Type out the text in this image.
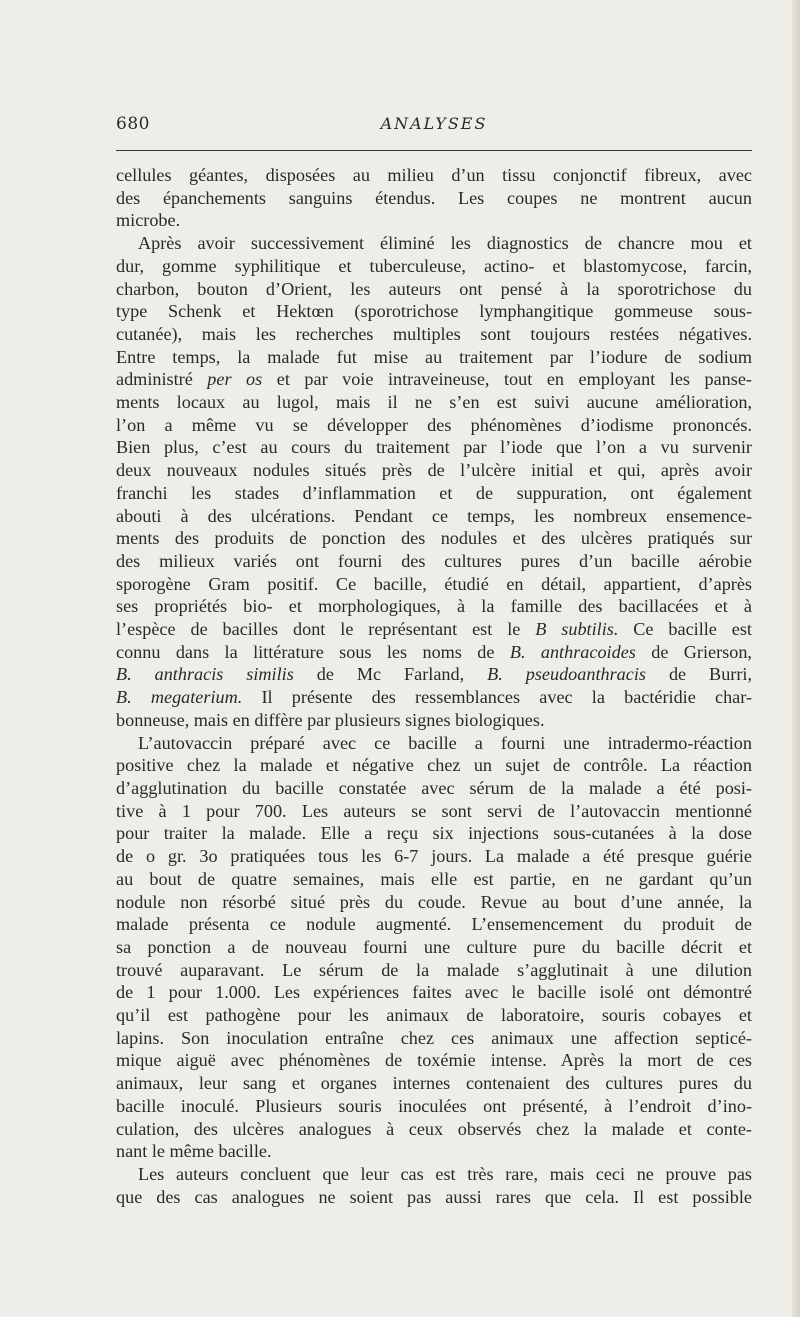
680	ANALYSES
cellules géantes, disposées au milieu d’un tissu conjonctif fibreux, avec
des épanchements sanguins étendus. Les coupes ne montrent aucun
microbe.
Après avoir successivement éliminé les diagnostics de chancre mou et
dur, gomme syphilitique et tuberculeuse, actino- et blastomycose, farcin,
charbon, bouton d’Orient, les auteurs ont pensé à la sporotrichose du
type Schenk et Hektœn (sporotrichose lymphangitique gommeuse sous-
cutanée), mais les recherches multiples sont toujours restées négatives.
Entre temps, la malade fut mise au traitement par l’iodure de sodium
administré per os et par voie intraveineuse, tout en employant les panse-
ments locaux au lugol, mais il ne s’en est suivi aucune amélioration,
l’on a même vu se développer des phénomènes d’iodisme prononcés.
Bien plus, c’est au cours du traitement par l’iode que l’on a vu survenir
deux nouveaux nodules situés près de l’ulcère initial et qui, après avoir
franchi les stades d’inflammation et de suppuration, ont également
abouti à des ulcérations. Pendant ce temps, les nombreux ensemence-
ments des produits de ponction des nodules et des ulcères pratiqués sur
des milieux variés ont fourni des cultures pures d’un bacille aérobie
sporogène Gram positif. Ce bacille, étudié en détail, appartient, d’après
ses propriétés bio- et morphologiques, à la famille des bacillacées et à
l’espèce de bacilles dont le représentant est le B subtilis. Ce bacille est
connu dans la littérature sous les noms de B. anthracoides de Grierson,
B. anthracis similis de Mc Farland, B. pseudoanthracis de Burri,
B. megaterium. Il présente des ressemblances avec la bactéridie char-
bonneuse, mais en diffère par plusieurs signes biologiques.
L’autovaccin préparé avec ce bacille a fourni une intradermo-réaction
positive chez la malade et négative chez un sujet de contrôle. La réaction
d’agglutination du bacille constatée avec sérum de la malade a été posi-
tive à 1 pour 700. Les auteurs se sont servi de l’autovaccin mentionné
pour traiter la malade. Elle a reçu six injections sous-cutanées à la dose
de o gr. 3o pratiquées tous les 6-7 jours. La malade a été presque guérie
au bout de quatre semaines, mais elle est partie, en ne gardant qu’un
nodule non résorbé situé près du coude. Revue au bout d’une année, la
malade présenta ce nodule augmenté. L’ensemencement du produit de
sa ponction a de nouveau fourni une culture pure du bacille décrit et
trouvé auparavant. Le sérum de la malade s’agglutinait à une dilution
de 1 pour 1.000. Les expériences faites avec le bacille isolé ont démontré
qu’il est pathogène pour les animaux de laboratoire, souris cobayes et
lapins. Son inoculation entraîne chez ces animaux une affection septicé-
mique aiguë avec phénomènes de toxémie intense. Après la mort de ces
animaux, leur sang et organes internes contenaient des cultures pures du
bacille inoculé. Plusieurs souris inoculées ont présenté, à l’endroit d’ino-
culation, des ulcères analogues à ceux observés chez la malade et conte-
nant le même bacille.
Les auteurs concluent que leur cas est très rare, mais ceci ne prouve pas
que des cas analogues ne soient pas aussi rares que cela. Il est possible
